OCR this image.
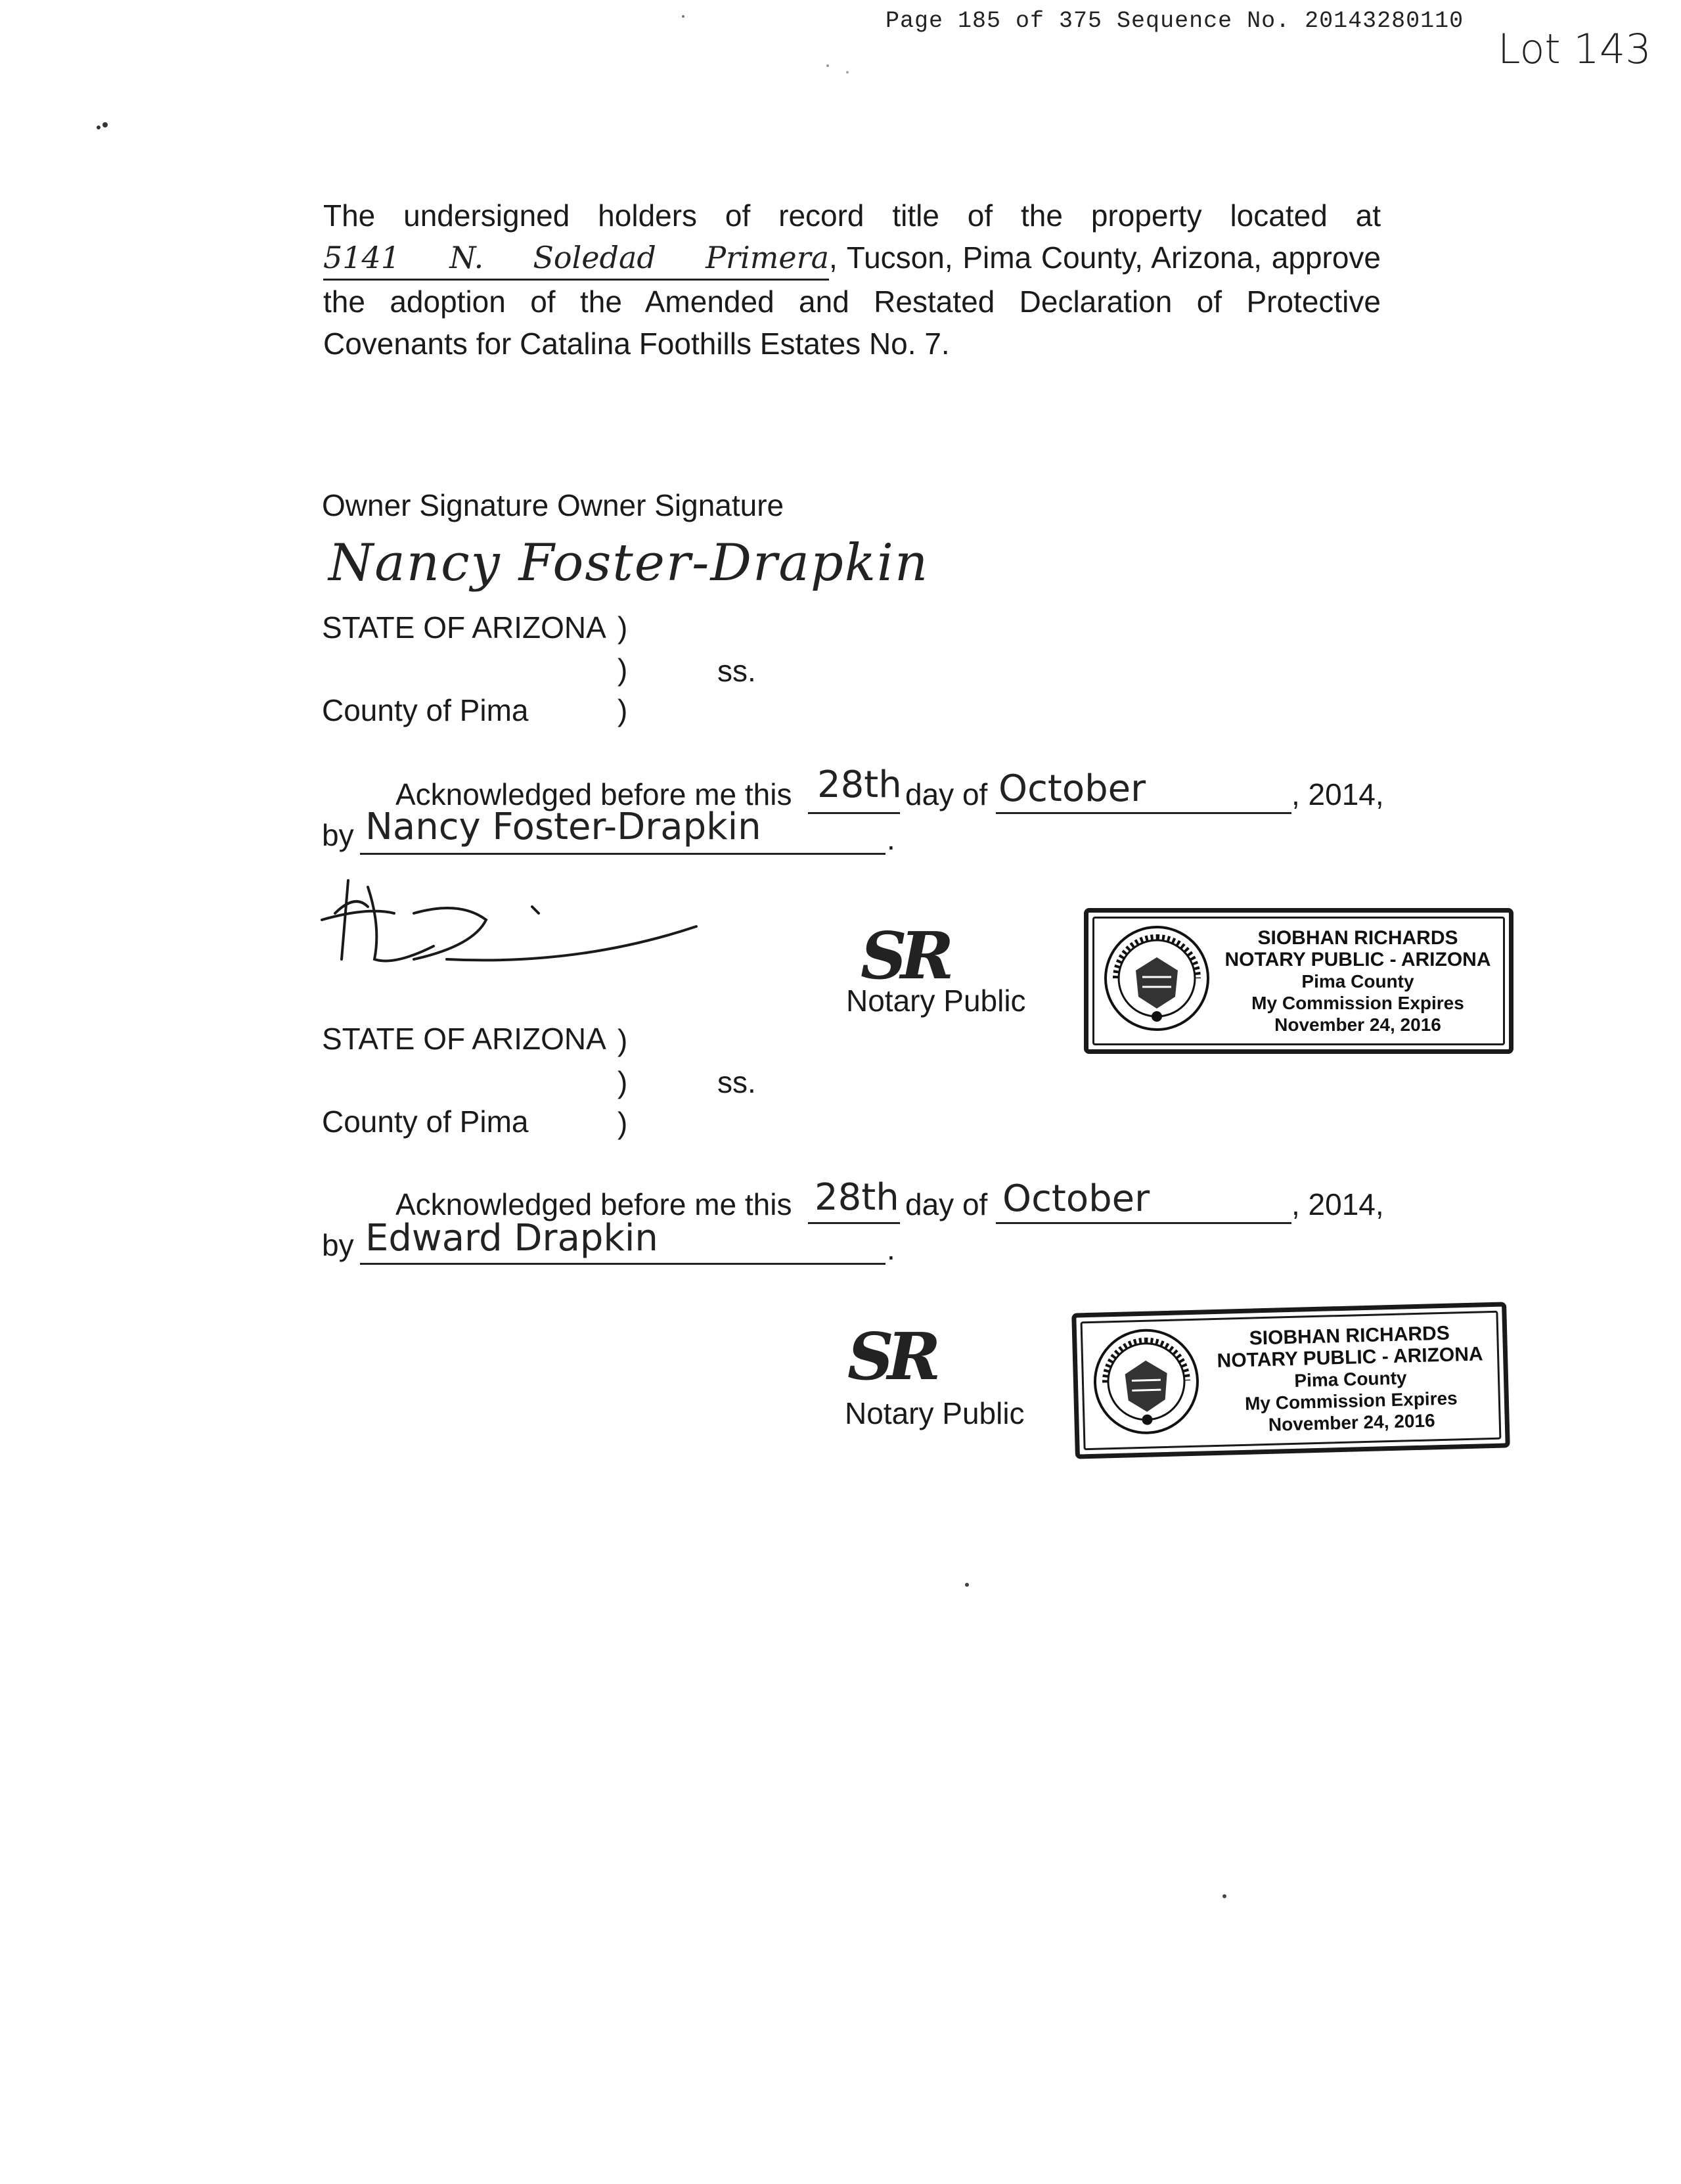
Page 185 of 375 Sequence No. 20143280110
Lot 143
The undersigned holders of record title of the property located at
5141 N. Soledad Primera, Tucson, Pima County, Arizona, approve
the adoption of the Amended and Restated Declaration of Protective
Covenants for Catalina Foothills Estates No. 7.
Owner Signature Owner Signature
Nancy Foster-Drapkin
STATE OF ARIZONA )
)	ss.
County of Pima	)
Acknowledged before me this 28th day of October	, 2014,
by Nancy Foster-Drapkin	.
SR
Notary Public
SIOBHAN RICHARDS
NOTARY PUBLIC - ARIZONA
Pima County
My Commission Expires
November 24, 2016
STATE OF ARIZONA )
)	ss.
County of Pima	)
Acknowledged before me this 28th day of October	, 2014,
by Edward Drapkin	.
SR
Notary Public
SIOBHAN RICHARDS
NOTARY PUBLIC - ARIZONA
Pima County
My Commission Expires
November 24, 2016
